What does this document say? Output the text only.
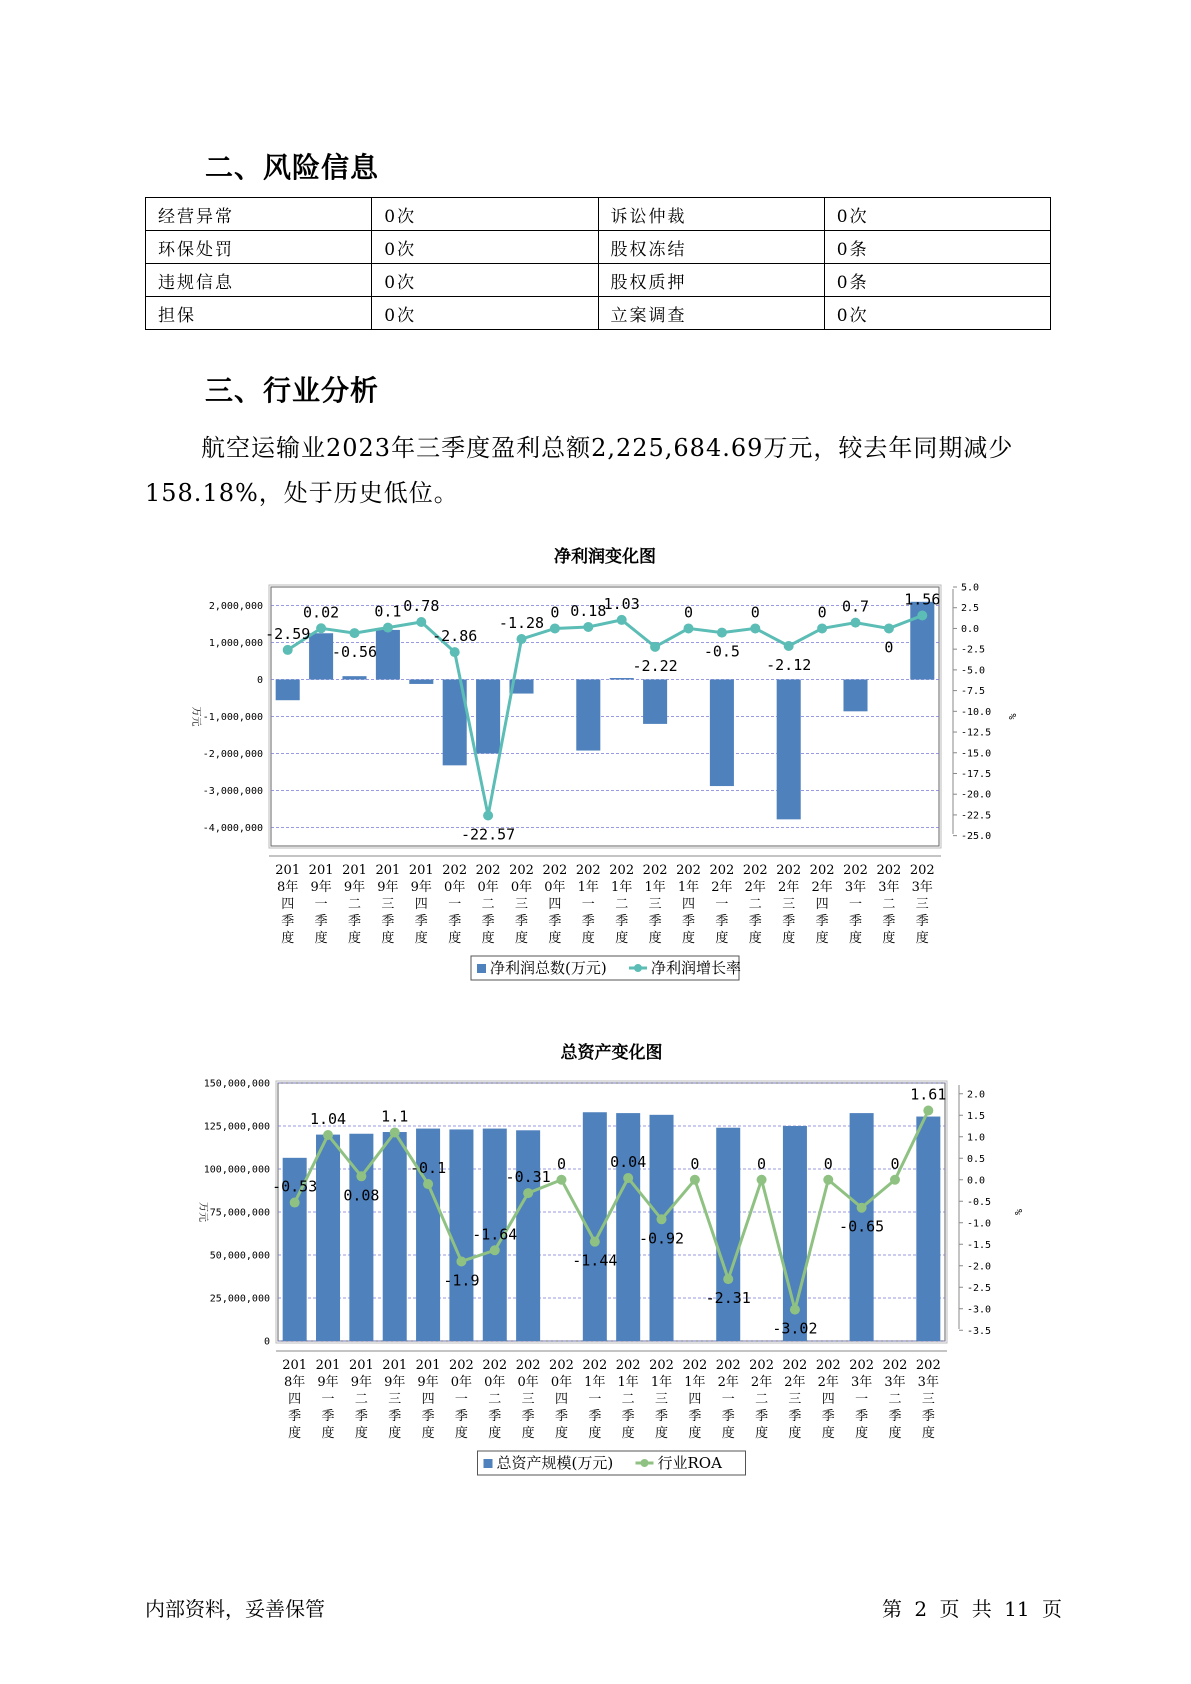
二、风险信息
经营异常	0次	诉讼仲裁	0次
环保处罚	0次	股权冻结	0条
违规信息	0次	股权质押	0条
担保	0次	立案调查	0次
三、行业分析
航空运输业2023年三季度盈利总额2,225,684.69万元，较去年同期减少158.18%，处于历史低位。
净利润变化图
2,000,000
1,000,000
0
-1,000,000
-2,000,000
-3,000,000
-4,000,000
5.0
2.5
0.0
-2.5
-5.0
-7.5
-10.0
-12.5
-15.0
-17.5
-20.0
-22.5
-25.0
万元	%
-2.59
0.02
-0.56
0.1 0.78
-2.86
-22.57
-1.28
0 0.18
1.03
-2.22
0
-0.5
0
-2.12
0 0.7
0
1.56
201 8年四季度
201 9年一季度
201 9年二季度
201 9年三季度
201 9年四季度
202 0年一季度
202 0年二季度
202 0年三季度
202 0年四季度
202 1年一季度
202 1年二季度
202 1年三季度
202 1年四季度
202 2年一季度
202 2年二季度
202 2年三季度
202 2年四季度
202 3年一季度
202 3年二季度
202 3年三季度
净利润总数(万元)	净利润增长率
总资产变化图
150,000,000
125,000,000
100,000,000
75,000,000
50,000,000
25,000,000
0
2.0
1.5
1.0
0.5
0.0
-0.5
-1.0
-1.5
-2.0
-2.5
-3.0
-3.5
万元	%
-0.53
1.04
0.08
1.1
-0.1
-1.9
-1.64
-0.31
0
-1.44
0.04
-0.92
0
-2.31
0
-3.02
0
-0.65
0
1.61
201 8年四季度
201 9年一季度
201 9年二季度
201 9年三季度
201 9年四季度
202 0年一季度
202 0年二季度
202 0年三季度
202 0年四季度
202 1年一季度
202 1年二季度
202 1年三季度
202 1年四季度
202 2年一季度
202 2年二季度
202 2年三季度
202 2年四季度
202 3年一季度
202 3年二季度
202 3年三季度
总资产规模(万元)	行业ROA
内部资料，妥善保管	第 2 页 共 11 页
